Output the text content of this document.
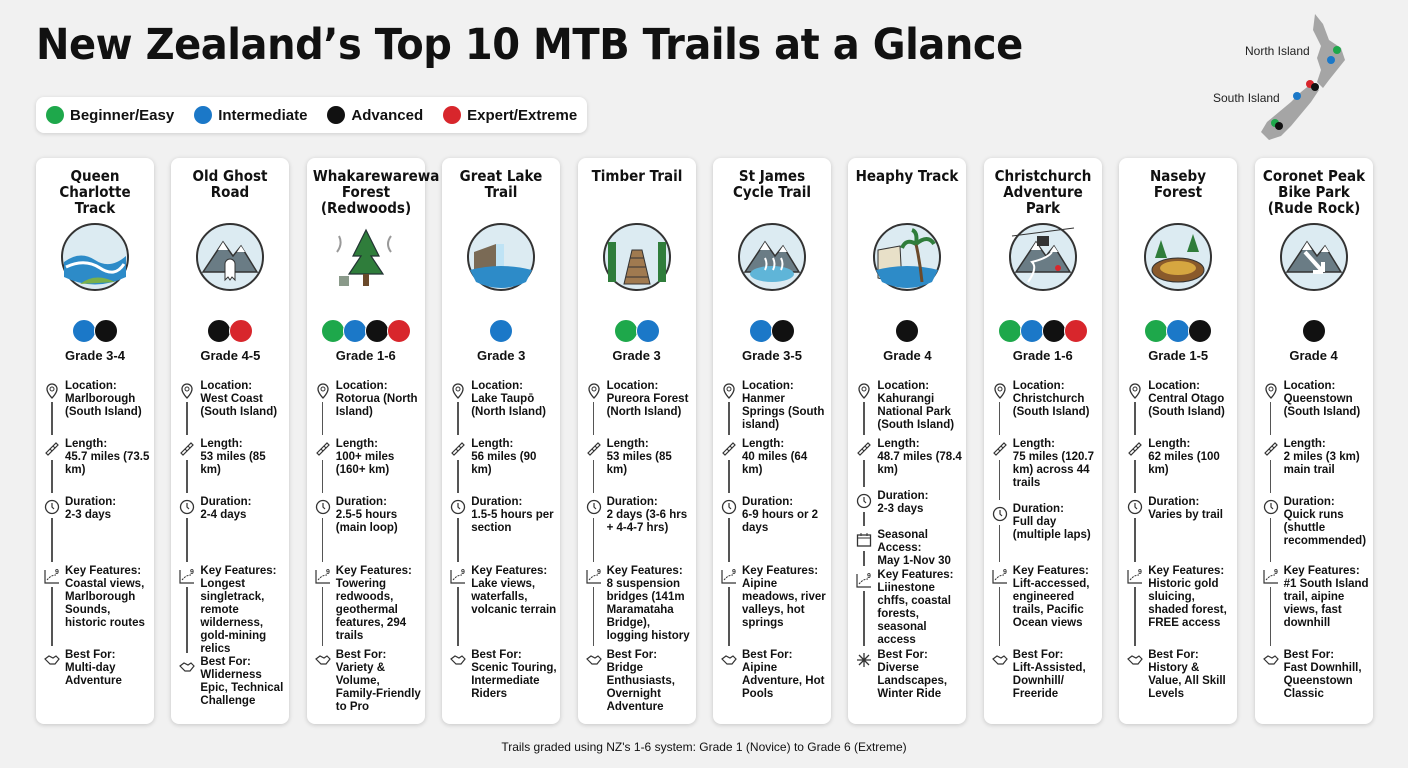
New Zealand’s Top 10 MTB Trails at a Glance
Beginner/Easy	Intermediate	Advanced	Expert/Extreme
North Island
South Island
Queen Charlotte Track
Grade 3-4
Location:
Marlborough (South Island)
Length:
45.7 miles (73.5 km)
Duration:
2-3 days
9 Key Features:
Coastal views, Marlborough Sounds, historic routes
Best For:
Multi-day Adventure
Old Ghost Road
Grade 4-5
Location:
West Coast (South Island)
Length:
53 miles (85 km)
Duration:
2-4 days
9 Key Features:
Longest singletrack, remote wilderness, gold-mining relics
Best For:
Wliderness Epic, Technical Challenge
Whakarewarewa Forest (Redwoods)
Grade 1-6
Location:
Rotorua (North Island)
Length:
100+ miles (160+ km)
Duration:
2.5-5 hours (main loop)
9 Key Features:
Towering redwoods, geothermal features, 294 trails
Best For:
Variety & Volume, Family-Friendly to Pro
Great Lake Trail
Grade 3
Location:
Lake Taupō (North Island)
Length:
56 miles (90 km)
Duration:
1.5-5 hours per section
9 Key Features:
Lake views, waterfalls, volcanic terrain
Best For:
Scenic Touring, Intermediate Riders
Timber Trail
Grade 3
Location:
Pureora Forest (North Island)
Length:
53 miles (85 km)
Duration:
2 days (3-6 hrs + 4-4-7 hrs)
9 Key Features:
8 suspension bridges (141m Maramataha Bridge), logging history
Best For:
Bridge Enthusiasts, Overnight Adventure
St James Cycle Trail
Grade 3-5
Location:
Hanmer Springs (South island)
Length:
40 miles (64 km)
Duration:
6-9 hours or 2 days
9 Key Features:
Aipine meadows, river valleys, hot springs
Best For:
Aipine Adventure, Hot Pools
Heaphy Track
Grade 4
Location:
Kahurangi National Park (South Island)
Length:
48.7 miles (78.4 km)
Duration:
2-3 days
Seasonal Access:
May 1-Nov 30
9 Key Features:
Liinestone chffs, coastal forests, seasonal access
Best For:
Diverse Landscapes, Winter Ride
Christchurch Adventure Park
Grade 1-6
Location:
Christchurch (South Island)
Length:
75 miles (120.7 km) across 44 trails
Duration:
Full day (multiple laps)
9 Key Features:
Lift-accessed, engineered trails, Pacific Ocean views
Best For:
Lift-Assisted, Downhill/ Freeride
Naseby Forest
Grade 1-5
Location:
Central Otago (South Island)
Length:
62 miles (100 km)
Duration:
Varies by trail
9 Key Features:
Historic gold sluicing, shaded forest, FREE access
Best For:
History & Value, All Skill Levels
Coronet Peak Bike Park (Rude Rock)
Grade 4
Location:
Queenstown (South Island)
Length:
2 miles (3 km) main trail
Duration:
Quick runs (shuttle recommended)
9 Key Features:
#1 South Island trail, aipine views, fast downhill
Best For:
Fast Downhill, Queenstown Classic
Trails graded using NZ's 1-6 system: Grade 1 (Novice) to Grade 6 (Extreme)
